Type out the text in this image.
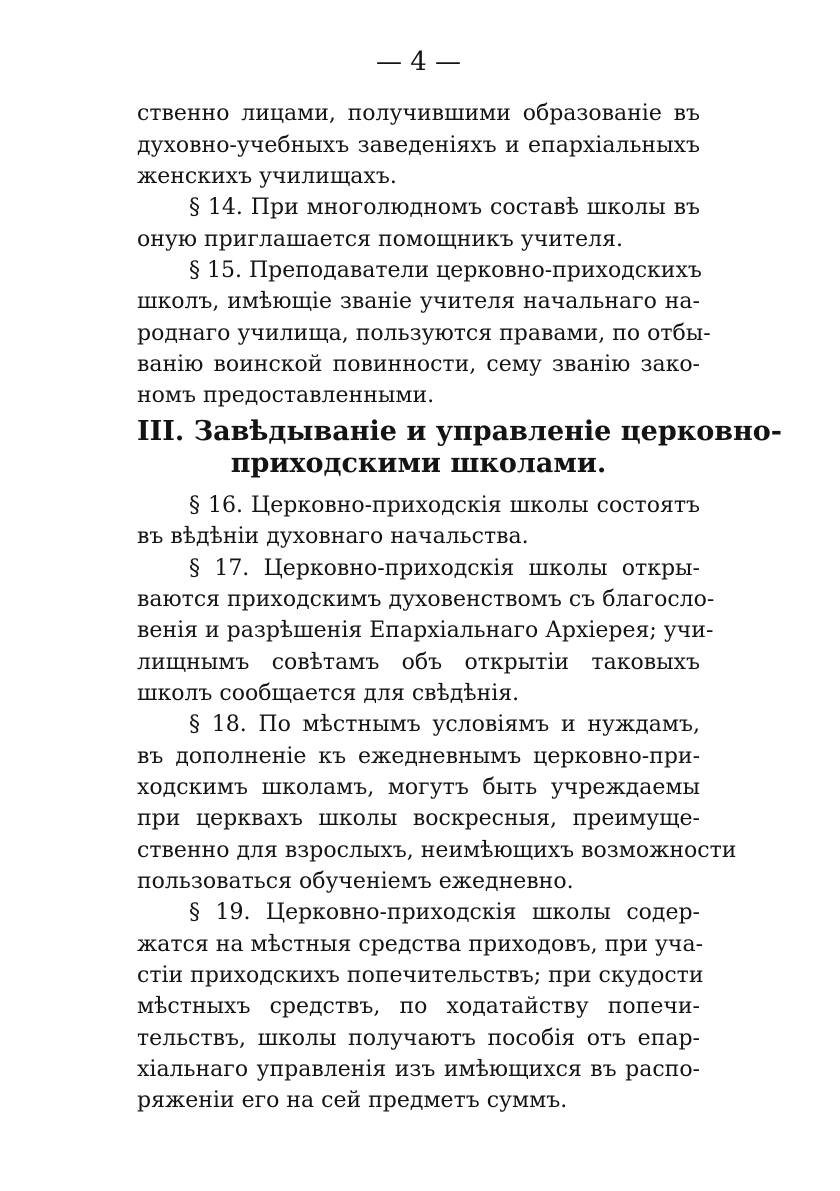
— 4 —
ственно лицами, получившими образованіе въ
духовно-учебныхъ заведеніяхъ и епархіальныхъ
женскихъ училищахъ.
§ 14. При многолюдномъ составѣ школы въ
оную приглашается помощникъ учителя.
§ 15. Преподаватели церковно-приходскихъ
школъ, имѣющіе званіе учителя начальнаго на-
роднаго училища, пользуются правами, по отбы-
ванію воинской повинности, сему званію зако-
номъ предоставленными.
III. Завѣдываніе и управленіе церковно-
приходскими школами.
§ 16. Церковно-приходскія школы состоятъ
въ вѣдѣніи духовнаго начальства.
§ 17. Церковно-приходскія школы откры-
ваются приходскимъ духовенствомъ съ благосло-
венія и разрѣшенія Епархіальнаго Архіерея; учи-
лищнымъ совѣтамъ объ открытіи таковыхъ
школъ сообщается для свѣдѣнія.
§ 18. По мѣстнымъ условіямъ и нуждамъ,
въ дополненіе къ ежедневнымъ церковно-при-
ходскимъ школамъ, могутъ быть учреждаемы
при церквахъ школы воскресныя, преимуще-
ственно для взрослыхъ, неимѣющихъ возможности
пользоваться обученіемъ ежедневно.
§ 19. Церковно-приходскія школы содер-
жатся на мѣстныя средства приходовъ, при уча-
стіи приходскихъ попечительствъ; при скудости
мѣстныхъ средствъ, по ходатайству попечи-
тельствъ, школы получаютъ пособія отъ епар-
хіальнаго управленія изъ имѣющихся въ распо-
ряженіи его на сей предметъ суммъ.
